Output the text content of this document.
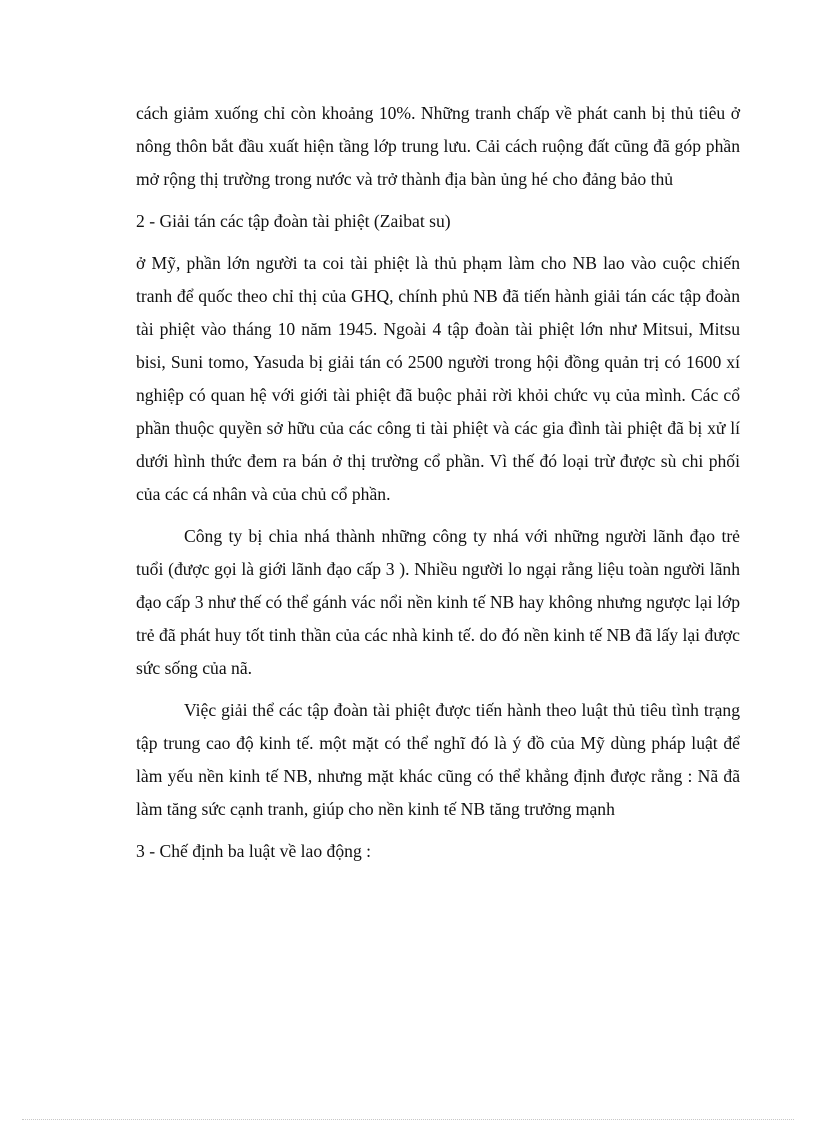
cách giảm xuống chỉ còn khoảng 10%. Những tranh chấp về phát canh bị thủ tiêu ở nông thôn bắt đầu xuất hiện tầng lớp trung lưu. Cải cách ruộng đất cũng đã góp phần mở rộng thị trường trong nước và trở thành địa bàn ủng hé cho đảng bảo thủ

2 - Giải tán các tập đoàn tài phiệt (Zaibat su)

ở Mỹ, phần lớn người ta coi tài phiệt là thủ phạm làm cho NB lao vào cuộc chiến tranh để quốc theo chỉ thị của GHQ, chính phủ NB đã tiến hành giải tán các tập đoàn tài phiệt vào tháng 10 năm 1945. Ngoài 4 tập đoàn tài phiệt lớn như Mitsui, Mitsu bisi, Suni tomo, Yasuda bị giải tán có 2500 người trong hội đồng quản trị có 1600 xí nghiệp có quan hệ với giới tài phiệt đã buộc phải rời khỏi chức vụ của mình. Các cổ phần thuộc quyền sở hữu của các công ti tài phiệt và các gia đình tài phiệt đã bị xử lí dưới hình thức đem ra bán ở thị trường cổ phần. Vì thế đó loại trừ được sù chi phối của các cá nhân và của chủ cổ phần.

Công ty bị chia nhá thành những công ty nhá với những người lãnh đạo trẻ tuổi (được gọi là giới lãnh đạo cấp 3 ). Nhiều người lo ngại rằng liệu toàn người lãnh đạo cấp 3 như thế có thể gánh vác nổi nền kinh tế NB hay không nhưng ngược lại lớp trẻ đã phát huy tốt tinh thần của các nhà kinh tế. do đó nền kinh tế NB đã lấy lại được sức sống của nã.

Việc giải thể các tập đoàn tài phiệt được tiến hành theo luật thủ tiêu tình trạng tập trung cao độ kinh tế. một mặt có thể nghĩ đó là ý đồ của Mỹ dùng pháp luật để làm yếu nền kinh tế NB, nhưng mặt khác cũng có thể khẳng định được rằng : Nã đã làm tăng sức cạnh tranh, giúp cho nền kinh tế NB tăng trưởng mạnh

3 - Chế định ba luật về lao động :
